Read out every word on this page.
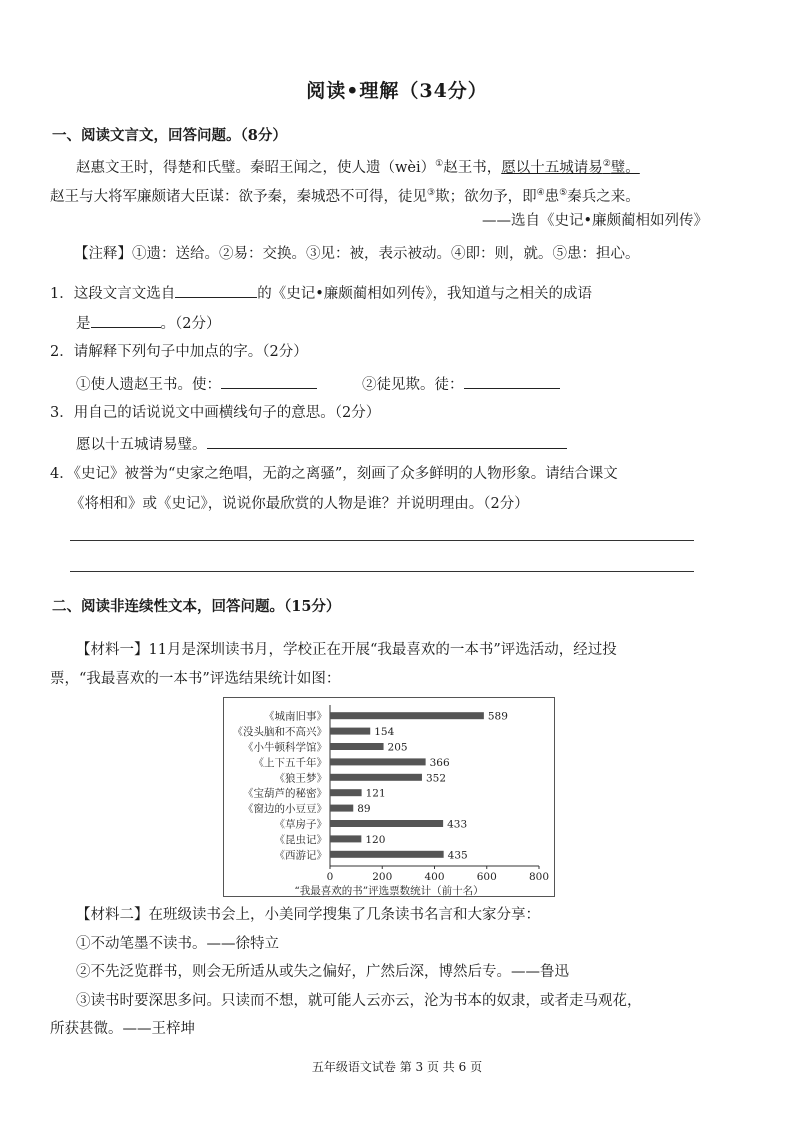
阅读•理解（34分）
一、阅读文言文，回答问题。（8分）
赵惠文王时，得楚和氏璧。秦昭王闻之，使人遗（wèi）①赵王书，愿以十五城请易②璧。
赵王与大将军廉颇诸大臣谋：欲予秦，秦城恐不可得，徒见③欺；欲勿予，即④患⑤秦兵之来。
——选自《史记•廉颇蔺相如列传》
【注释】①遗：送给。②易：交换。③见：被，表示被动。④即：则，就。⑤患：担心。
1．这段文言文选自	的《史记•廉颇蔺相如列传》，我知道与之相关的成语
是	。（2分）
2．请解释下列句子中加点的字。（2分）
①使人遗赵王书。使：	②徒见欺。徒：
3．用自己的话说说文中画横线句子的意思。（2分）
愿以十五城请易璧。
4．《史记》被誉为“史家之绝唱，无韵之离骚”，刻画了众多鲜明的人物形象。请结合课文
《将相和》或《史记》，说说你最欣赏的人物是谁？并说明理由。（2分）
二、阅读非连续性文本，回答问题。（15分）
【材料一】11月是深圳读书月，学校正在开展“我最喜欢的一本书”评选活动，经过投
票，“我最喜欢的一本书”评选结果统计如图：
《城南旧事》	589
《没头脑和不高兴》	154
《小牛顿科学馆》	205
《上下五千年》	366
《狼王梦》	352
《宝葫芦的秘密》	121
《窗边的小豆豆》	89
《草房子》	433
《昆虫记》	120
《西游记》	435
0	200	400	600	800
“我最喜欢的书”评选票数统计（前十名）
【材料二】在班级读书会上，小美同学搜集了几条读书名言和大家分享：
①不动笔墨不读书。——徐特立
②不先泛览群书，则会无所适从或失之偏好，广然后深，博然后专。——鲁迅
③读书时要深思多问。只读而不想，就可能人云亦云，沦为书本的奴隶，或者走马观花，
所获甚微。——王梓坤
五年级语文试卷 第 3 页 共 6 页
